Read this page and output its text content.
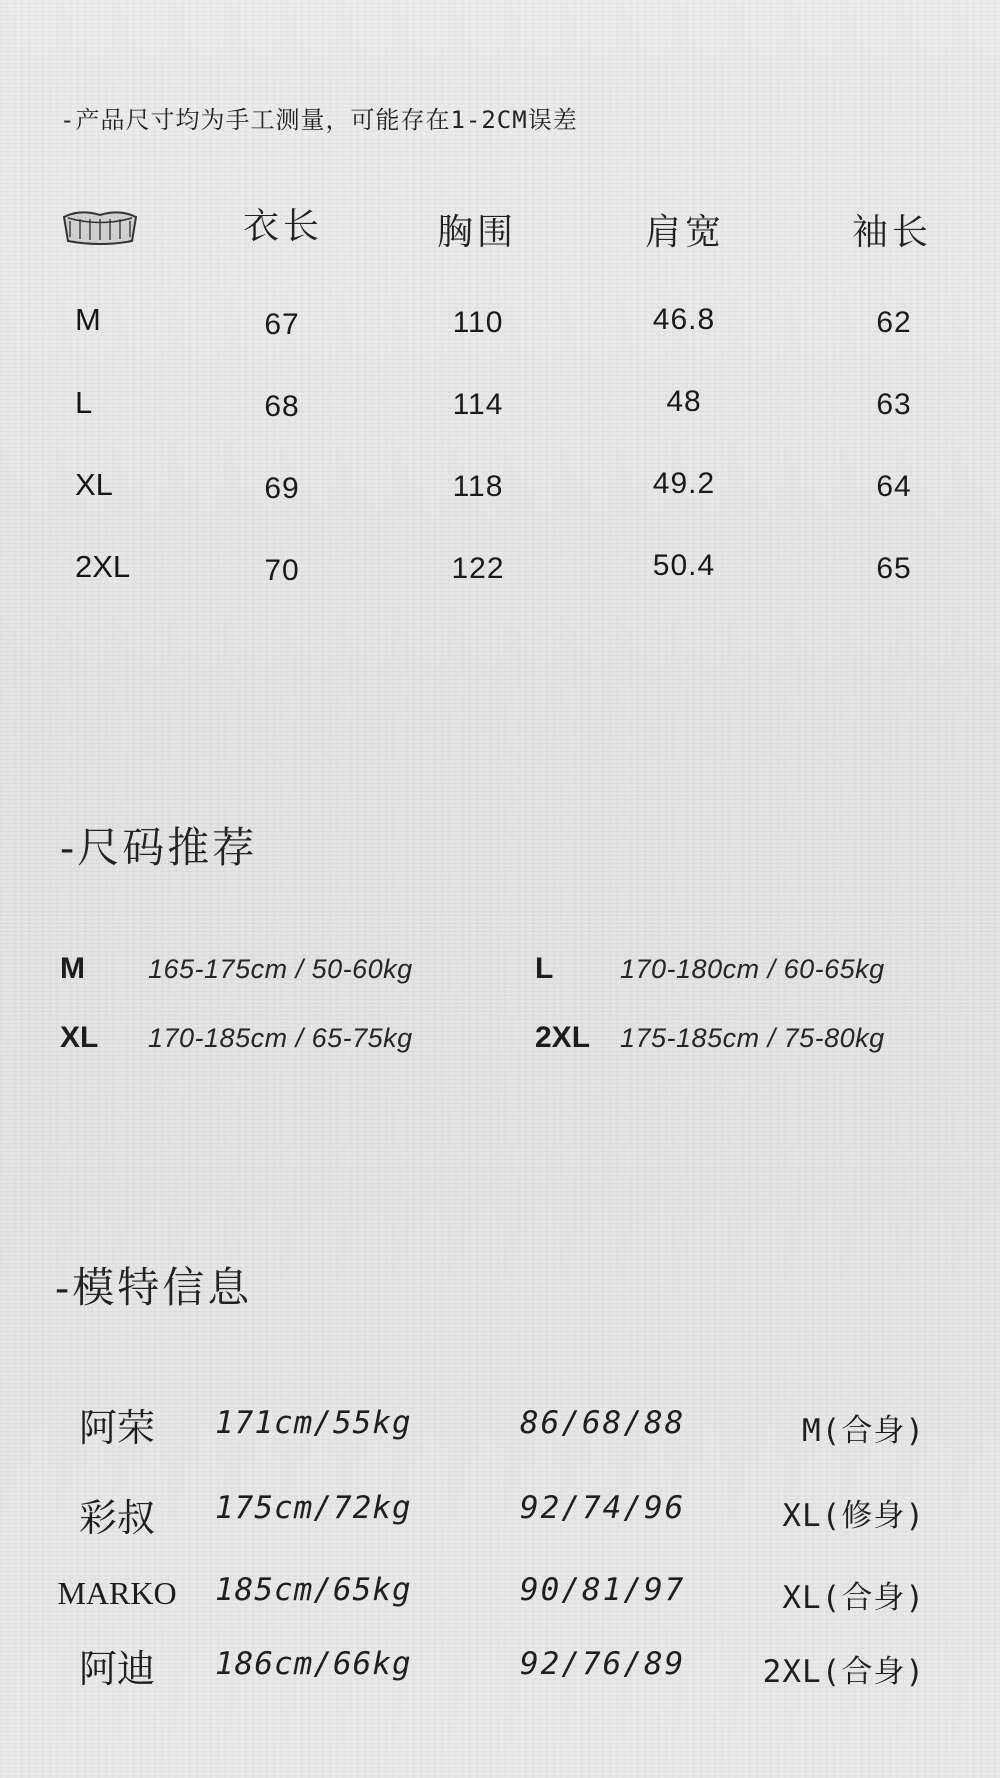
-产品尺寸均为手工测量，可能存在1-2CM误差
衣长	胸围	肩宽	袖长
M	67	110	46.8	62
L	68	114	48	63
XL	69	118	49.2	64
2XL	70	122	50.4	65
-尺码推荐
M 165-175cm / 50-60kg	L 170-180cm / 60-65kg
XL 170-185cm / 65-75kg	2XL 175-185cm / 75-80kg
-模特信息
阿荣	171cm/55kg	86/68/88	M(合身)
彩叔	175cm/72kg	92/74/96	XL(修身)
MARKO	185cm/65kg	90/81/97	XL(合身)
阿迪	186cm/66kg	92/76/89	2XL(合身)
